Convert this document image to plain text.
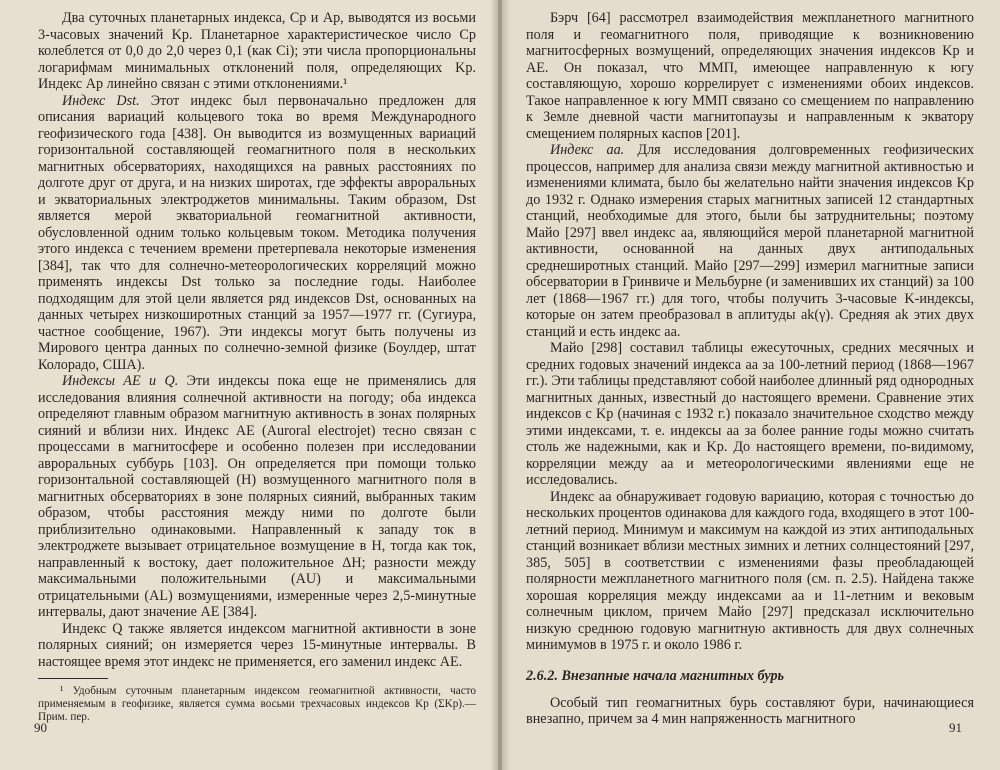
Два суточных планетарных индекса, Cp и Ap, выводятся из восьми 3-часовых значений Kp. Планетарное характеристическое число Cp колеблется от 0,0 до 2,0 через 0,1 (как Ci); эти числа пропорциональны логарифмам минимальных отклонений поля, определяющих Kp. Индекс Ap линейно связан с этими отклонениями.¹

Индекс Dst. Этот индекс был первоначально предложен для описания вариаций кольцевого тока во время Международного геофизического года [438]. Он выводится из возмущенных вариаций горизонтальной составляющей геомагнитного поля в нескольких магнитных обсерваториях, находящихся на равных расстояниях по долготе друг от друга, и на низких широтах, где эффекты авроральных и экваториальных электроджетов минимальны. Таким образом, Dst является мерой экваториальной геомагнитной активности, обусловленной одним только кольцевым током. Методика получения этого индекса с течением времени претерпевала некоторые изменения [384], так что для солнечно-метеорологических корреляций можно применять индексы Dst только за последние годы. Наиболее подходящим для этой цели является ряд индексов Dst, основанных на данных четырех низкоширотных станций за 1957—1977 гг. (Сугиура, частное сообщение, 1967). Эти индексы могут быть получены из Мирового центра данных по солнечно-земной физике (Боулдер, штат Колорадо, США).

Индексы AE и Q. Эти индексы пока еще не применялись для исследования влияния солнечной активности на погоду; оба индекса определяют главным образом магнитную активность в зонах полярных сияний и вблизи них. Индекс AE (Auroral electrojet) тесно связан с процессами в магнитосфере и особенно полезен при исследовании авроральных суббурь [103]. Он определяется при помощи только горизонтальной составляющей (H) возмущенного магнитного поля в магнитных обсерваториях в зоне полярных сияний, выбранных таким образом, чтобы расстояния между ними по долготе были приблизительно одинаковыми. Направленный к западу ток в электроджете вызывает отрицательное возмущение в H, тогда как ток, направленный к востоку, дает положительное ΔH; разности между максимальными положительными (AU) и максимальными отрицательными (AL) возмущениями, измеренные через 2,5-минутные интервалы, дают значение AE [384].

Индекс Q также является индексом магнитной активности в зоне полярных сияний; он измеряется через 15-минутные интервалы. В настоящее время этот индекс не применяется, его заменил индекс AE.

¹ Удобным суточным планетарным индексом геомагнитной активности, часто применяемым в геофизике, является сумма восьми трехчасовых индексов Kp (ΣKp).— Прим. пер.
90

Бэрч [64] рассмотрел взаимодействия межпланетного магнитного поля и геомагнитного поля, приводящие к возникновению магнитосферных возмущений, определяющих значения индексов Kp и AE. Он показал, что ММП, имеющее направленную к югу составляющую, хорошо коррелирует с изменениями обоих индексов. Такое направленное к югу ММП связано со смещением по направлению к Земле дневной части магнитопаузы и направленным к экватору смещением полярных каспов [201].

Индекс aa. Для исследования долговременных геофизических процессов, например для анализа связи между магнитной активностью и изменениями климата, было бы желательно найти значения индексов Kp до 1932 г. Однако измерения старых магнитных записей 12 стандартных станций, необходимые для этого, были бы затруднительны; поэтому Майо [297] ввел индекс aa, являющийся мерой планетарной магнитной активности, основанной на данных двух антиподальных среднеширотных станций. Майо [297—299] измерил магнитные записи обсерватории в Гринвиче и Мельбурне (и заменивших их станций) за 100 лет (1868—1967 гг.) для того, чтобы получить 3-часовые K-индексы, которые он затем преобразовал в аплитуды ak(γ). Средняя ak этих двух станций и есть индекс aa.

Майо [298] составил таблицы ежесуточных, средних месячных и средних годовых значений индекса aa за 100-летний период (1868—1967 гг.). Эти таблицы представляют собой наиболее длинный ряд однородных магнитных данных, известный до настоящего времени. Сравнение этих индексов с Kp (начиная с 1932 г.) показало значительное сходство между этими индексами, т. е. индексы aa за более ранние годы можно считать столь же надежными, как и Kp. До настоящего времени, по-видимому, корреляции между aa и метеорологическими явлениями еще не исследовались.

Индекс aa обнаруживает годовую вариацию, которая с точностью до нескольких процентов одинакова для каждого года, входящего в этот 100-летний период. Минимум и максимум на каждой из этих антиподальных станций возникает вблизи местных зимних и летних солнцестояний [297, 385, 505] в соответствии с изменениями фазы преобладающей полярности межпланетного магнитного поля (см. п. 2.5). Найдена также хорошая корреляция между индексами aa и 11-летним и вековым солнечным циклом, причем Майо [297] предсказал исключительно низкую среднюю годовую магнитную активность для двух солнечных минимумов в 1975 г. и около 1986 г.

2.6.2. Внезапные начала магнитных бурь

Особый тип геомагнитных бурь составляют бури, начинающиеся внезапно, причем за 4 мин напряженность магнитного

91
